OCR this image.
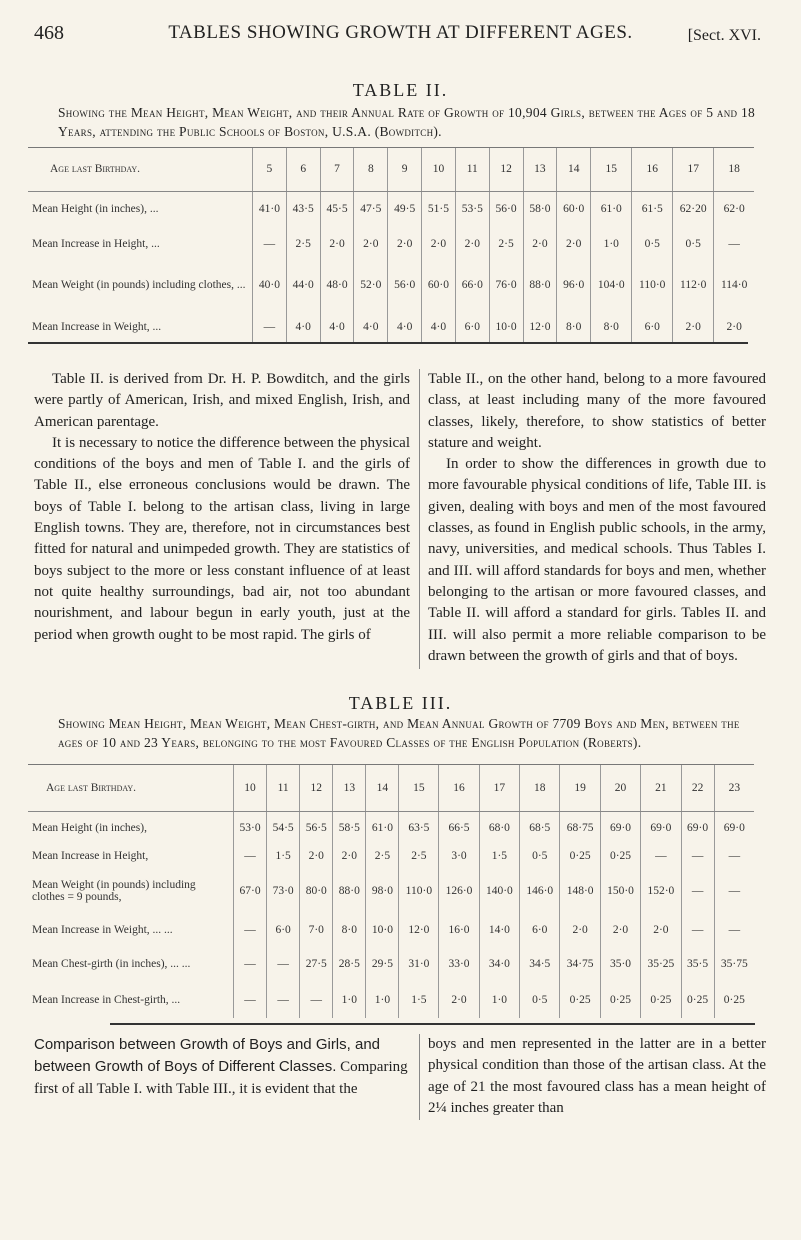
468	TABLES SHOWING GROWTH AT DIFFERENT AGES.	[Sect. XVI.
TABLE II.
Showing the Mean Height, Mean Weight, and their Annual Rate of Growth of 10,904 Girls, between the Ages of 5 and 18 Years, attending the Public Schools of Boston, U.S.A. (Bowditch).
Age last Birthday.	5	6	7	8	9	10	11	12	13	14	15	16	17	18
Mean Height (in inches), ...	41·0	43·5	45·5	47·5	49·5	51·5	53·5	56·0	58·0	60·0	61·0	61·5	62·20	62·0
Mean Increase in Height, ...	—	2·5	2·0	2·0	2·0	2·0	2·0	2·5	2·0	2·0	1·0	0·5	0·5	—
Mean Weight (in pounds) including clothes, ...	40·0	44·0	48·0	52·0	56·0	60·0	66·0	76·0	88·0	96·0	104·0	110·0	112·0	114·0
Mean Increase in Weight, ...	—	4·0	4·0	4·0	4·0	4·0	6·0	10·0	12·0	8·0	8·0	6·0	2·0	2·0

Table II. is derived from Dr. H. P. Bowditch, and the girls were partly of American, Irish, and mixed English, Irish, and American parentage.

It is necessary to notice the difference between the physical conditions of the boys and men of Table I. and the girls of Table II., else erroneous conclusions would be drawn. The boys of Table I. belong to the artisan class, living in large English towns. They are, therefore, not in circumstances best fitted for natural and unimpeded growth. They are statistics of boys subject to the more or less constant influence of at least not quite healthy surroundings, bad air, not too abundant nourishment, and labour begun in early youth, just at the period when growth ought to be most rapid. The girls of

Table II., on the other hand, belong to a more favoured class, at least including many of the more favoured classes, likely, therefore, to show statistics of better stature and weight.

In order to show the differences in growth due to more favourable physical conditions of life, Table III. is given, dealing with boys and men of the most favoured classes, as found in English public schools, in the army, navy, universities, and medical schools. Thus Tables I. and III. will afford standards for boys and men, whether belonging to the artisan or more favoured classes, and Table II. will afford a standard for girls. Tables II. and III. will also permit a more reliable comparison to be drawn between the growth of girls and that of boys.

TABLE III.
Showing Mean Height, Mean Weight, Mean Chest-girth, and Mean Annual Growth of 7709 Boys and Men, between the ages of 10 and 23 Years, belonging to the most Favoured Classes of the English Population (Roberts).
Age last Birthday.	10	11	12	13	14	15	16	17	18	19	20	21	22	23
Mean Height (in inches),	53·0	54·5	56·5	58·5	61·0	63·5	66·5	68·0	68·5	68·75	69·0	69·0	69·0	69·0
Mean Increase in Height,	—	1·5	2·0	2·0	2·5	2·5	3·0	1·5	0·5	0·25	0·25	—	—	—
Mean Weight (in pounds) including clothes = 9 pounds,	67·0	73·0	80·0	88·0	98·0	110·0	126·0	140·0	146·0	148·0	150·0	152·0	—	—
Mean Increase in Weight, ... ...	—	6·0	7·0	8·0	10·0	12·0	16·0	14·0	6·0	2·0	2·0	2·0	—	—
Mean Chest-girth (in inches), ... ...	—	—	27·5	28·5	29·5	31·0	33·0	34·0	34·5	34·75	35·0	35·25	35·5	35·75
Mean Increase in Chest-girth, ...	—	—	—	1·0	1·0	1·5	2·0	1·0	0·5	0·25	0·25	0·25	0·25	0·25
Comparison between Growth of Boys and Girls, and between Growth of Boys of Different Classes. Comparing first of all Table I. with Table III., it is evident that the
boys and men represented in the latter are in a better physical condition than those of the artisan class. At the age of 21 the most favoured class has a mean height of 2¼ inches greater than
